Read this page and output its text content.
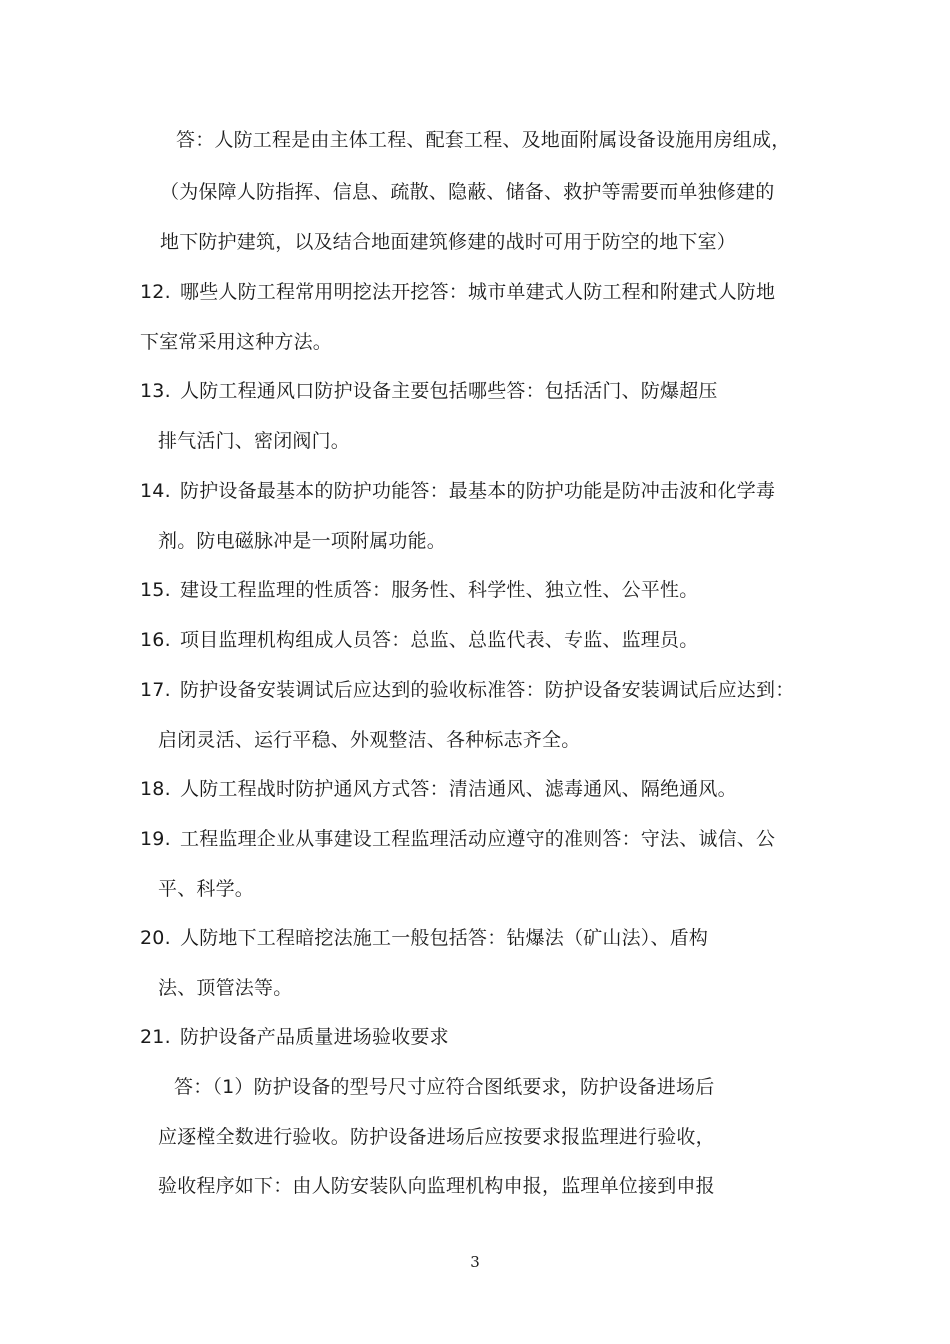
答：人防工程是由主体工程、配套工程、及地面附属设备设施用房组成，
（为保障人防指挥、信息、疏散、隐蔽、储备、救护等需要而单独修建的
地下防护建筑，以及结合地面建筑修建的战时可用于防空的地下室）
12. 哪些人防工程常用明挖法开挖答：城市单建式人防工程和附建式人防地
下室常采用这种方法。
13. 人防工程通风口防护设备主要包括哪些答：包括活门、防爆超压
排气活门、密闭阀门。
14. 防护设备最基本的防护功能答：最基本的防护功能是防冲击波和化学毒
剂。防电磁脉冲是一项附属功能。
15. 建设工程监理的性质答：服务性、科学性、独立性、公平性。
16. 项目监理机构组成人员答：总监、总监代表、专监、监理员。
17. 防护设备安装调试后应达到的验收标准答：防护设备安装调试后应达到：
启闭灵活、运行平稳、外观整洁、各种标志齐全。
18. 人防工程战时防护通风方式答：清洁通风、滤毒通风、隔绝通风。
19. 工程监理企业从事建设工程监理活动应遵守的准则答：守法、诚信、公
平、科学。
20. 人防地下工程暗挖法施工一般包括答：钻爆法（矿山法）、盾构
法、顶管法等。
21. 防护设备产品质量进场验收要求
答：（1）防护设备的型号尺寸应符合图纸要求，防护设备进场后
应逐樘全数进行验收。防护设备进场后应按要求报监理进行验收，
验收程序如下：由人防安装队向监理机构申报，监理单位接到申报
3
